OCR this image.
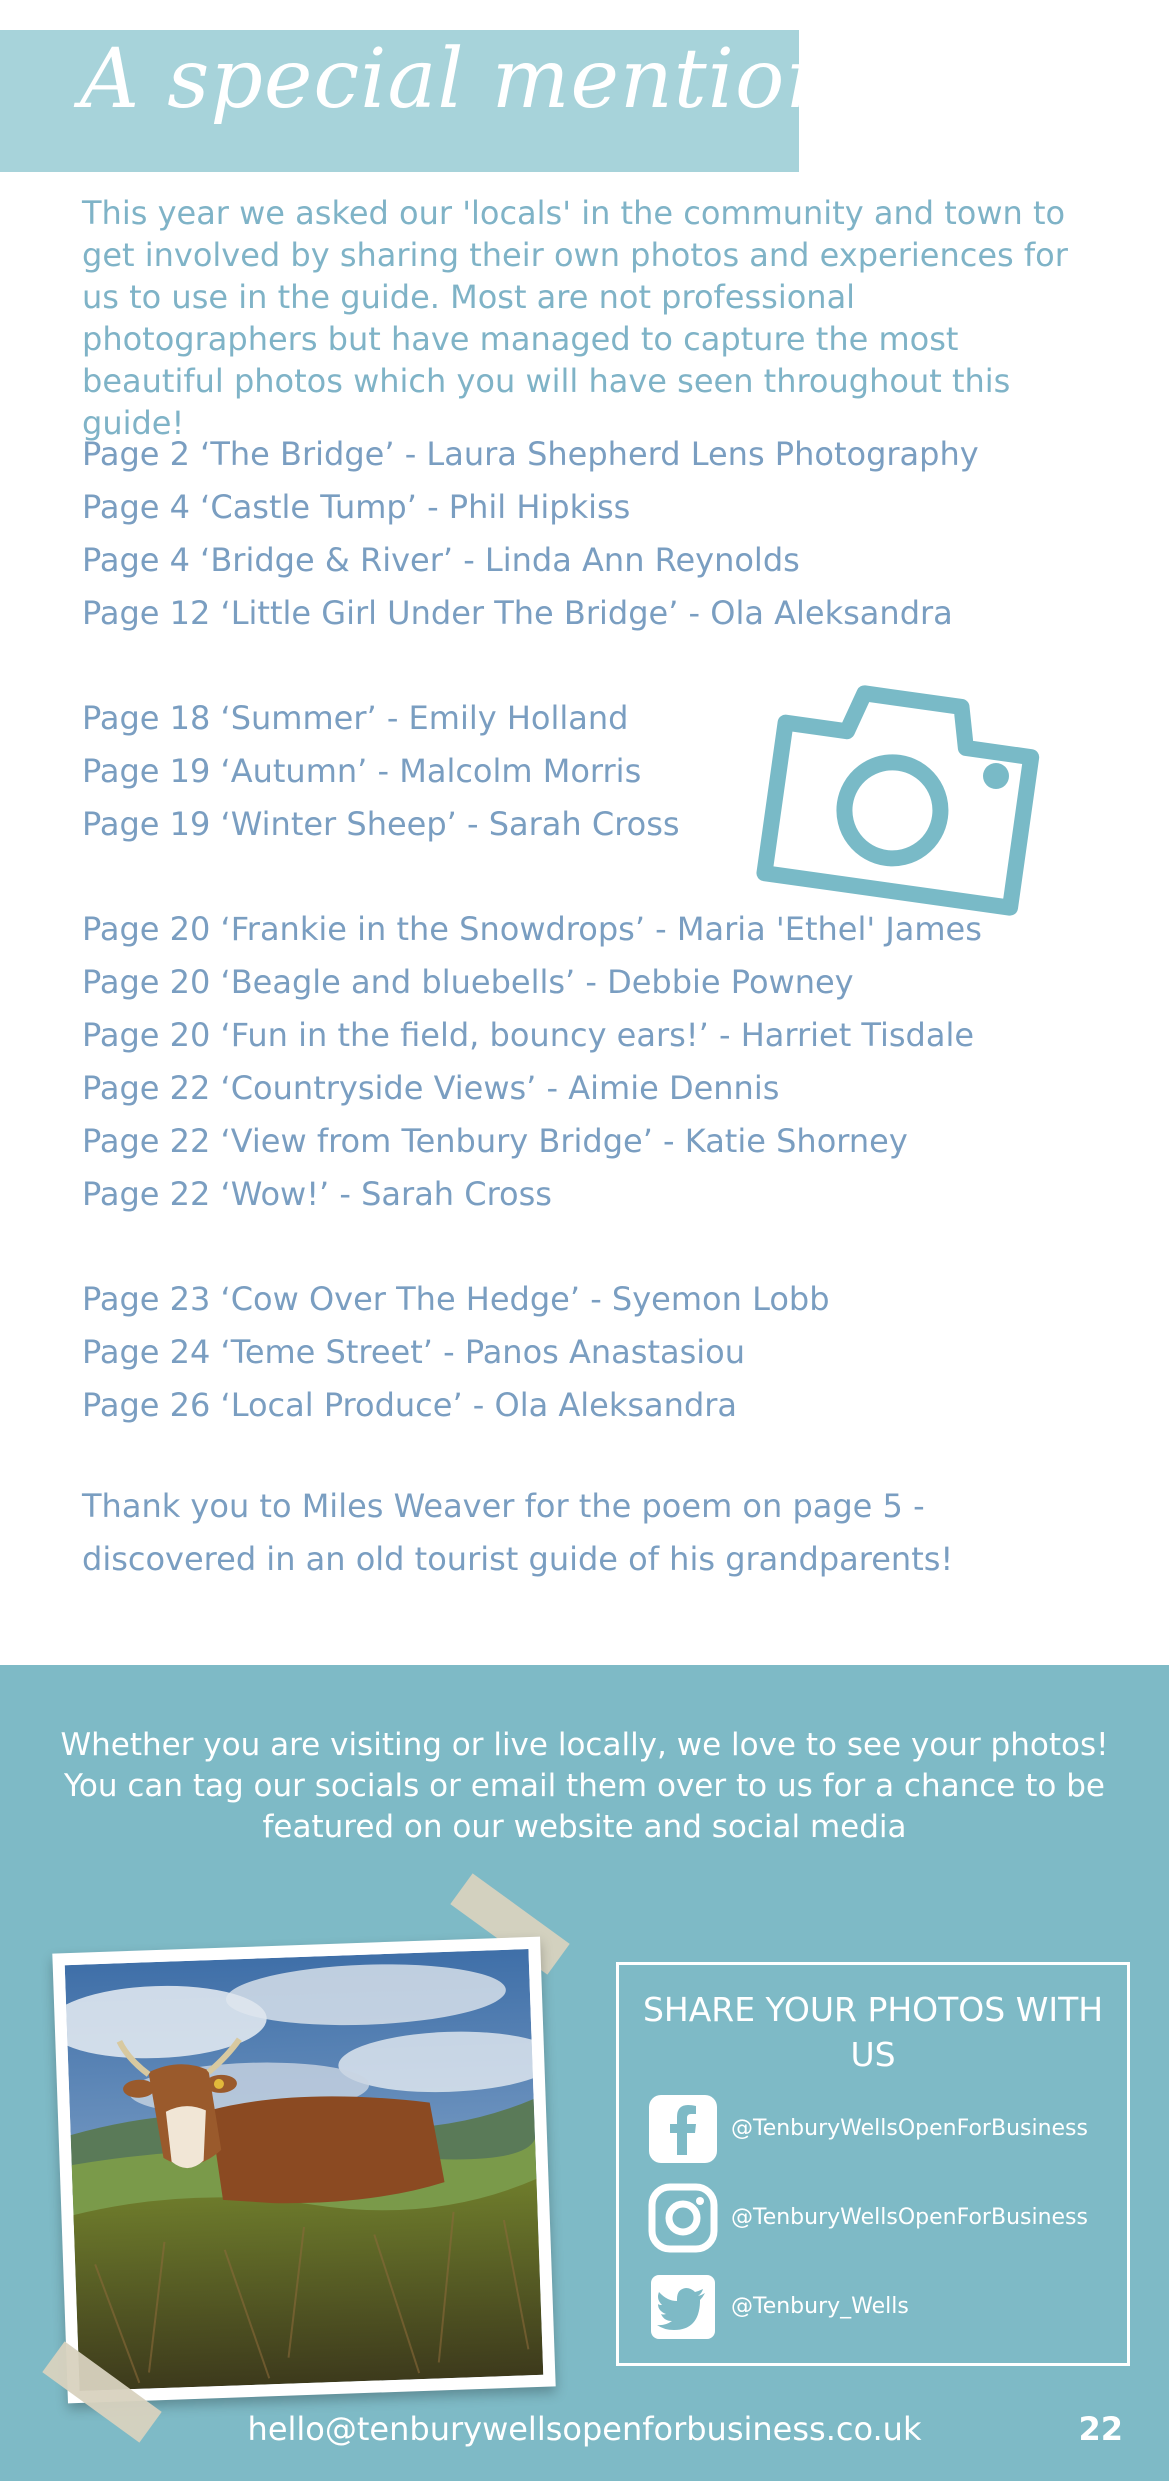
A special mention
This year we asked our 'locals' in the community and town to get involved by sharing their own photos and experiences for us to use in the guide. Most are not professional photographers but have managed to capture the most beautiful photos which you will have seen throughout this guide!
Page 2 ‘The Bridge’ - Laura Shepherd Lens Photography
Page 4 ‘Castle Tump’ - Phil Hipkiss
Page 4 ‘Bridge & River’ - Linda Ann Reynolds
Page 12 ‘Little Girl Under The Bridge’ - Ola Aleksandra
Page 18 ‘Summer’ - Emily Holland
Page 19 ‘Autumn’ - Malcolm Morris
Page 19 ‘Winter Sheep’ - Sarah Cross
Page 20 ‘Frankie in the Snowdrops’ - Maria 'Ethel' James
Page 20 ‘Beagle and bluebells’ - Debbie Powney
Page 20 ‘Fun in the field, bouncy ears!’ - Harriet Tisdale
Page 22 ‘Countryside Views’ - Aimie Dennis
Page 22 ‘View from Tenbury Bridge’ - Katie Shorney
Page 22 ‘Wow!’ - Sarah Cross
Page 23 ‘Cow Over The Hedge’ - Syemon Lobb
Page 24 ‘Teme Street’ - Panos Anastasiou
Page 26 ‘Local Produce’ - Ola Aleksandra
Thank you to Miles Weaver for the poem on page 5 - discovered in an old tourist guide of his grandparents!
Whether you are visiting or live locally, we love to see your photos! You can tag our socials or email them over to us for a chance to be featured on our website and social media
SHARE YOUR PHOTOS WITH US
@TenburyWellsOpenForBusiness
@TenburyWellsOpenForBusiness
@Tenbury_Wells
hello@tenburywellsopenforbusiness.co.uk	22
